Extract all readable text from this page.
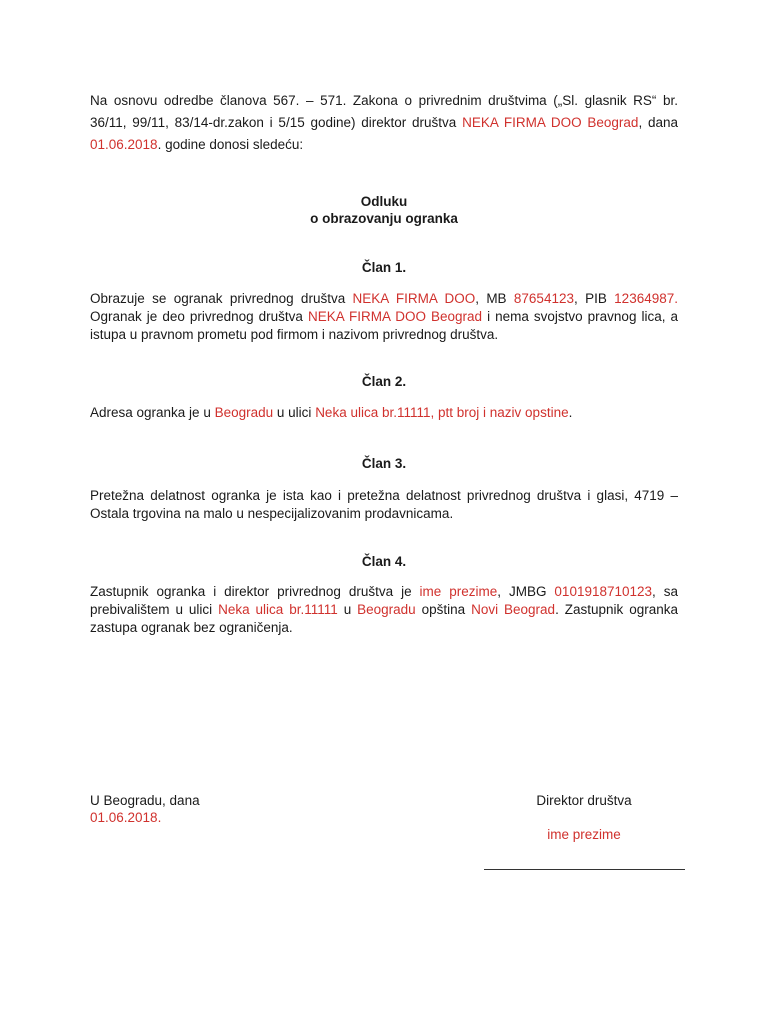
Na osnovu odredbe članova 567. – 571. Zakona o privrednim društvima („Sl. glasnik RS“ br. 36/11, 99/11, 83/14-dr.zakon i 5/15 godine) direktor društva NEKA FIRMA DOO Beograd, dana 01.06.2018. godine donosi sledeću:

Odluku
o obrazovanju ogranka

Član 1.

Obrazuje se ogranak privrednog društva NEKA FIRMA DOO, MB 87654123, PIB 12364987. Ogranak je deo privrednog društva NEKA FIRMA DOO Beograd i nema svojstvo pravnog lica, a istupa u pravnom prometu pod firmom i nazivom privrednog društva.

Član 2.

Adresa ogranka je u Beogradu u ulici Neka ulica br.11111, ptt broj i naziv opstine.

Član 3.

Pretežna delatnost ogranka je ista kao i pretežna delatnost privrednog društva i glasi, 4719 – Ostala trgovina na malo u nespecijalizovanim prodavnicama.

Član 4.

Zastupnik ogranka i direktor privrednog društva je ime prezime, JMBG 0101918710123, sa prebivalištem u ulici Neka ulica br.11111 u Beogradu opština Novi Beograd. Zastupnik ogranka zastupa ogranak bez ograničenja.

U Beogradu, dana
01.06.2018.
Direktor društva
ime prezime
